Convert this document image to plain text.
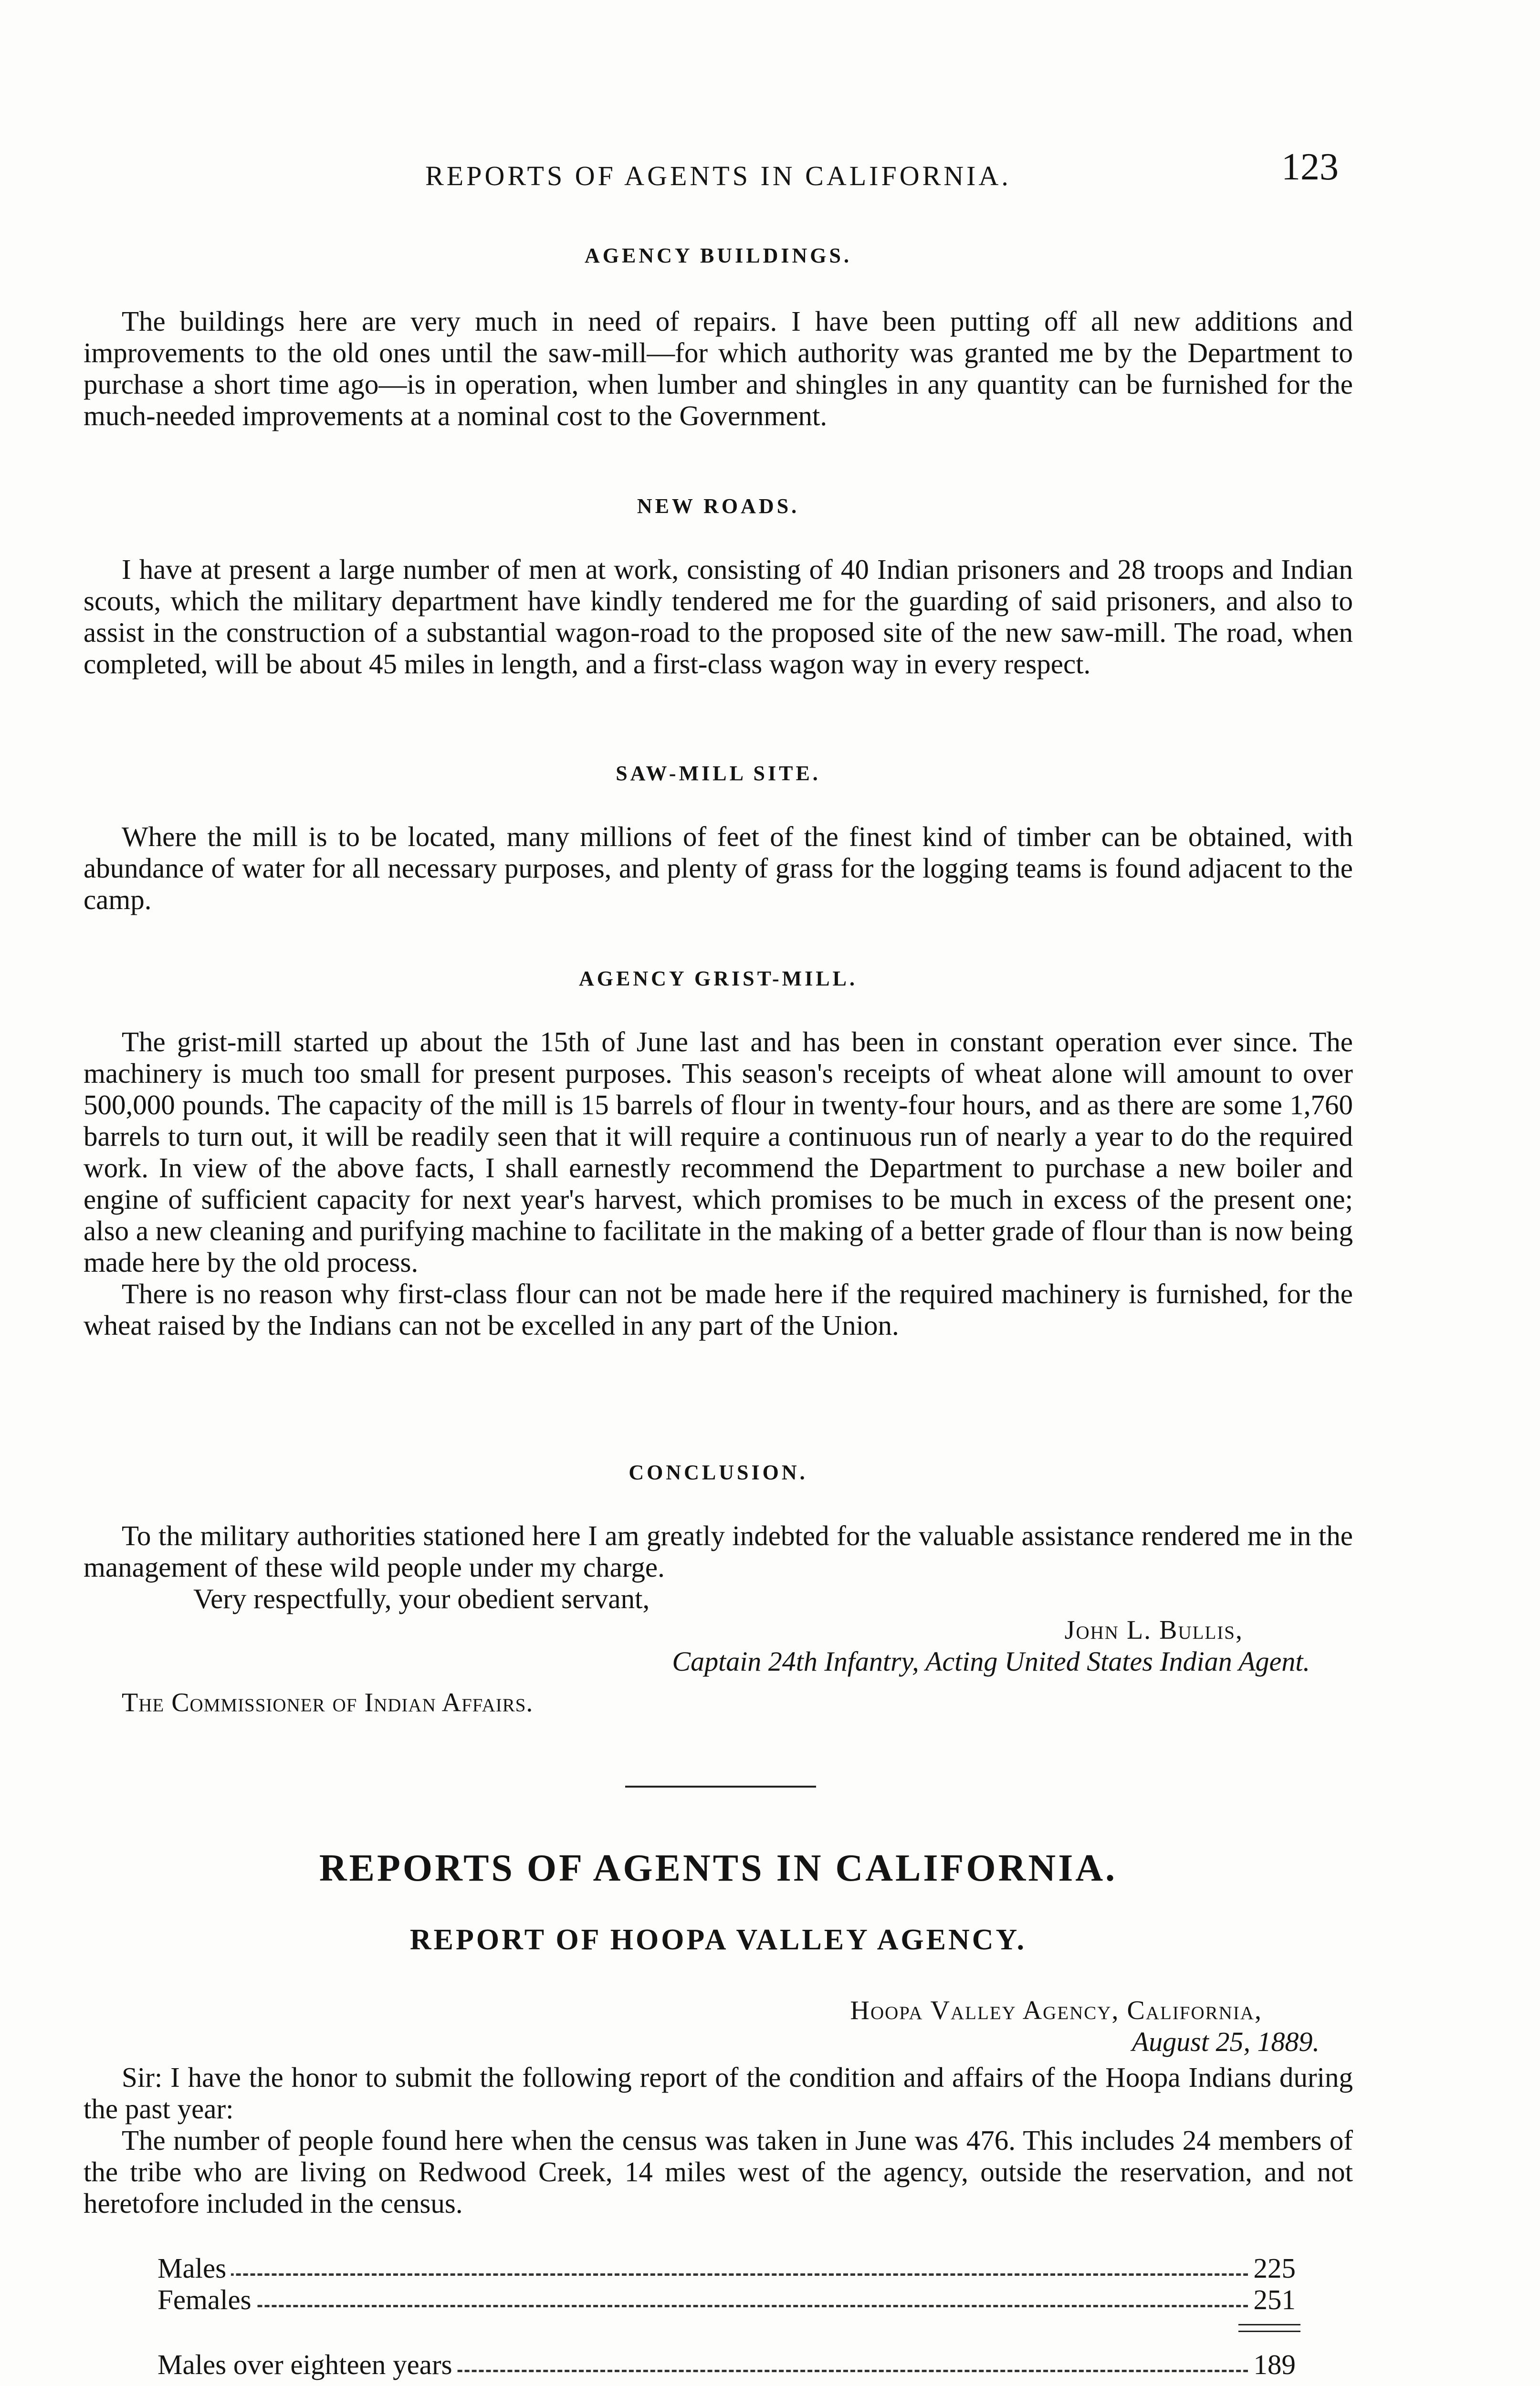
REPORTS OF AGENTS IN CALIFORNIA.	123
AGENCY BUILDINGS.

The buildings here are very much in need of repairs. I have been putting off all new additions and improvements to the old ones until the saw-mill—for which authority was granted me by the Department to purchase a short time ago—is in operation, when lumber and shingles in any quantity can be furnished for the much-needed improvements at a nominal cost to the Government.

NEW ROADS.

I have at present a large number of men at work, consisting of 40 Indian prisoners and 28 troops and Indian scouts, which the military department have kindly tendered me for the guarding of said prisoners, and also to assist in the construction of a substantial wagon-road to the proposed site of the new saw-mill. The road, when completed, will be about 45 miles in length, and a first-class wagon way in every respect.

SAW-MILL SITE.

Where the mill is to be located, many millions of feet of the finest kind of timber can be obtained, with abundance of water for all necessary purposes, and plenty of grass for the logging teams is found adjacent to the camp.

AGENCY GRIST-MILL.

The grist-mill started up about the 15th of June last and has been in constant operation ever since. The machinery is much too small for present purposes. This season's receipts of wheat alone will amount to over 500,000 pounds. The capacity of the mill is 15 barrels of flour in twenty-four hours, and as there are some 1,760 barrels to turn out, it will be readily seen that it will require a continuous run of nearly a year to do the required work. In view of the above facts, I shall earnestly recommend the Department to purchase a new boiler and engine of sufficient capacity for next year's harvest, which promises to be much in excess of the present one; also a new cleaning and purifying machine to facilitate in the making of a better grade of flour than is now being made here by the old process.

There is no reason why first-class flour can not be made here if the required machinery is furnished, for the wheat raised by the Indians can not be excelled in any part of the Union.

CONCLUSION.

To the military authorities stationed here I am greatly indebted for the valuable assistance rendered me in the management of these wild people under my charge.

Very respectfully, your obedient servant,

John L. Bullis,
Captain 24th Infantry, Acting United States Indian Agent.
The Commissioner of Indian Affairs.
REPORTS OF AGENTS IN CALIFORNIA.
REPORT OF HOOPA VALLEY AGENCY.
Hoopa Valley Agency, California,
August 25, 1889.

Sir: I have the honor to submit the following report of the condition and affairs of the Hoopa Indians during the past year:

The number of people found here when the census was taken in June was 476. This includes 24 members of the tribe who are living on Redwood Creek, 14 miles west of the agency, outside the reservation, and not heretofore included in the census.

Males	225
Females	251
Males over eighteen years	189
